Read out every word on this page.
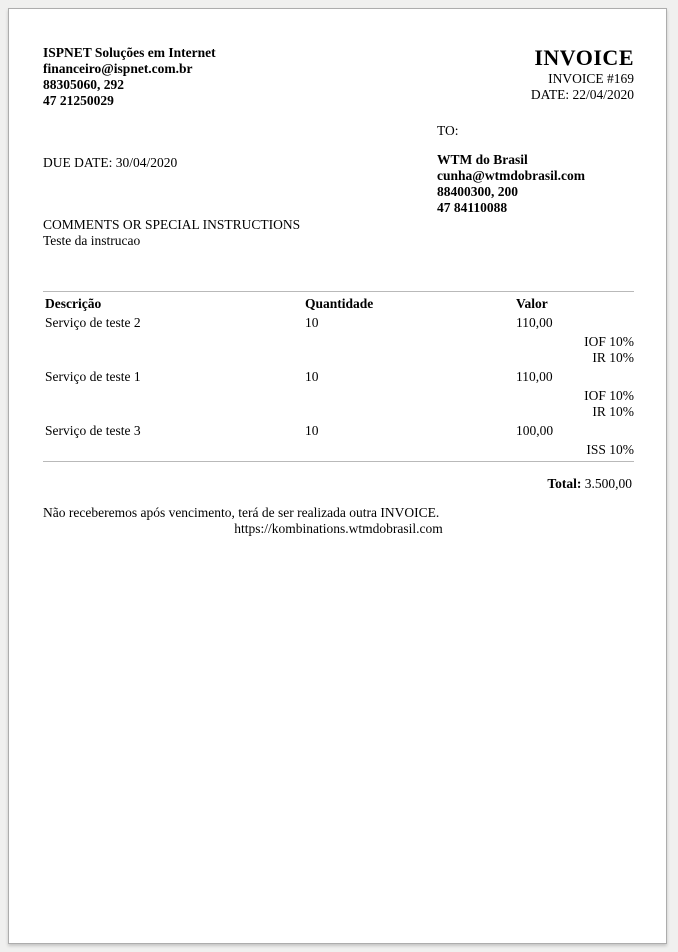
ISPNET Soluções em Internet
financeiro@ispnet.com.br
88305060, 292
47 21250029
INVOICE
INVOICE #169
DATE: 22/04/2020
DUE DATE: 30/04/2020
COMMENTS OR SPECIAL INSTRUCTIONS
Teste da instrucao
TO:
WTM do Brasil
cunha@wtmdobrasil.com
88400300, 200
47 84110088
Descrição	Quantidade	Valor
Serviço de teste 2	10	110,00
IOF 10%		
IR 10%		
Serviço de teste 1	10	110,00
IOF 10%		
IR 10%		
Serviço de teste 3	10	100,00
ISS 10%		
Total: 3.500,00
Não receberemos após vencimento, terá de ser realizada outra INVOICE.
https://kombinations.wtmdobrasil.com
